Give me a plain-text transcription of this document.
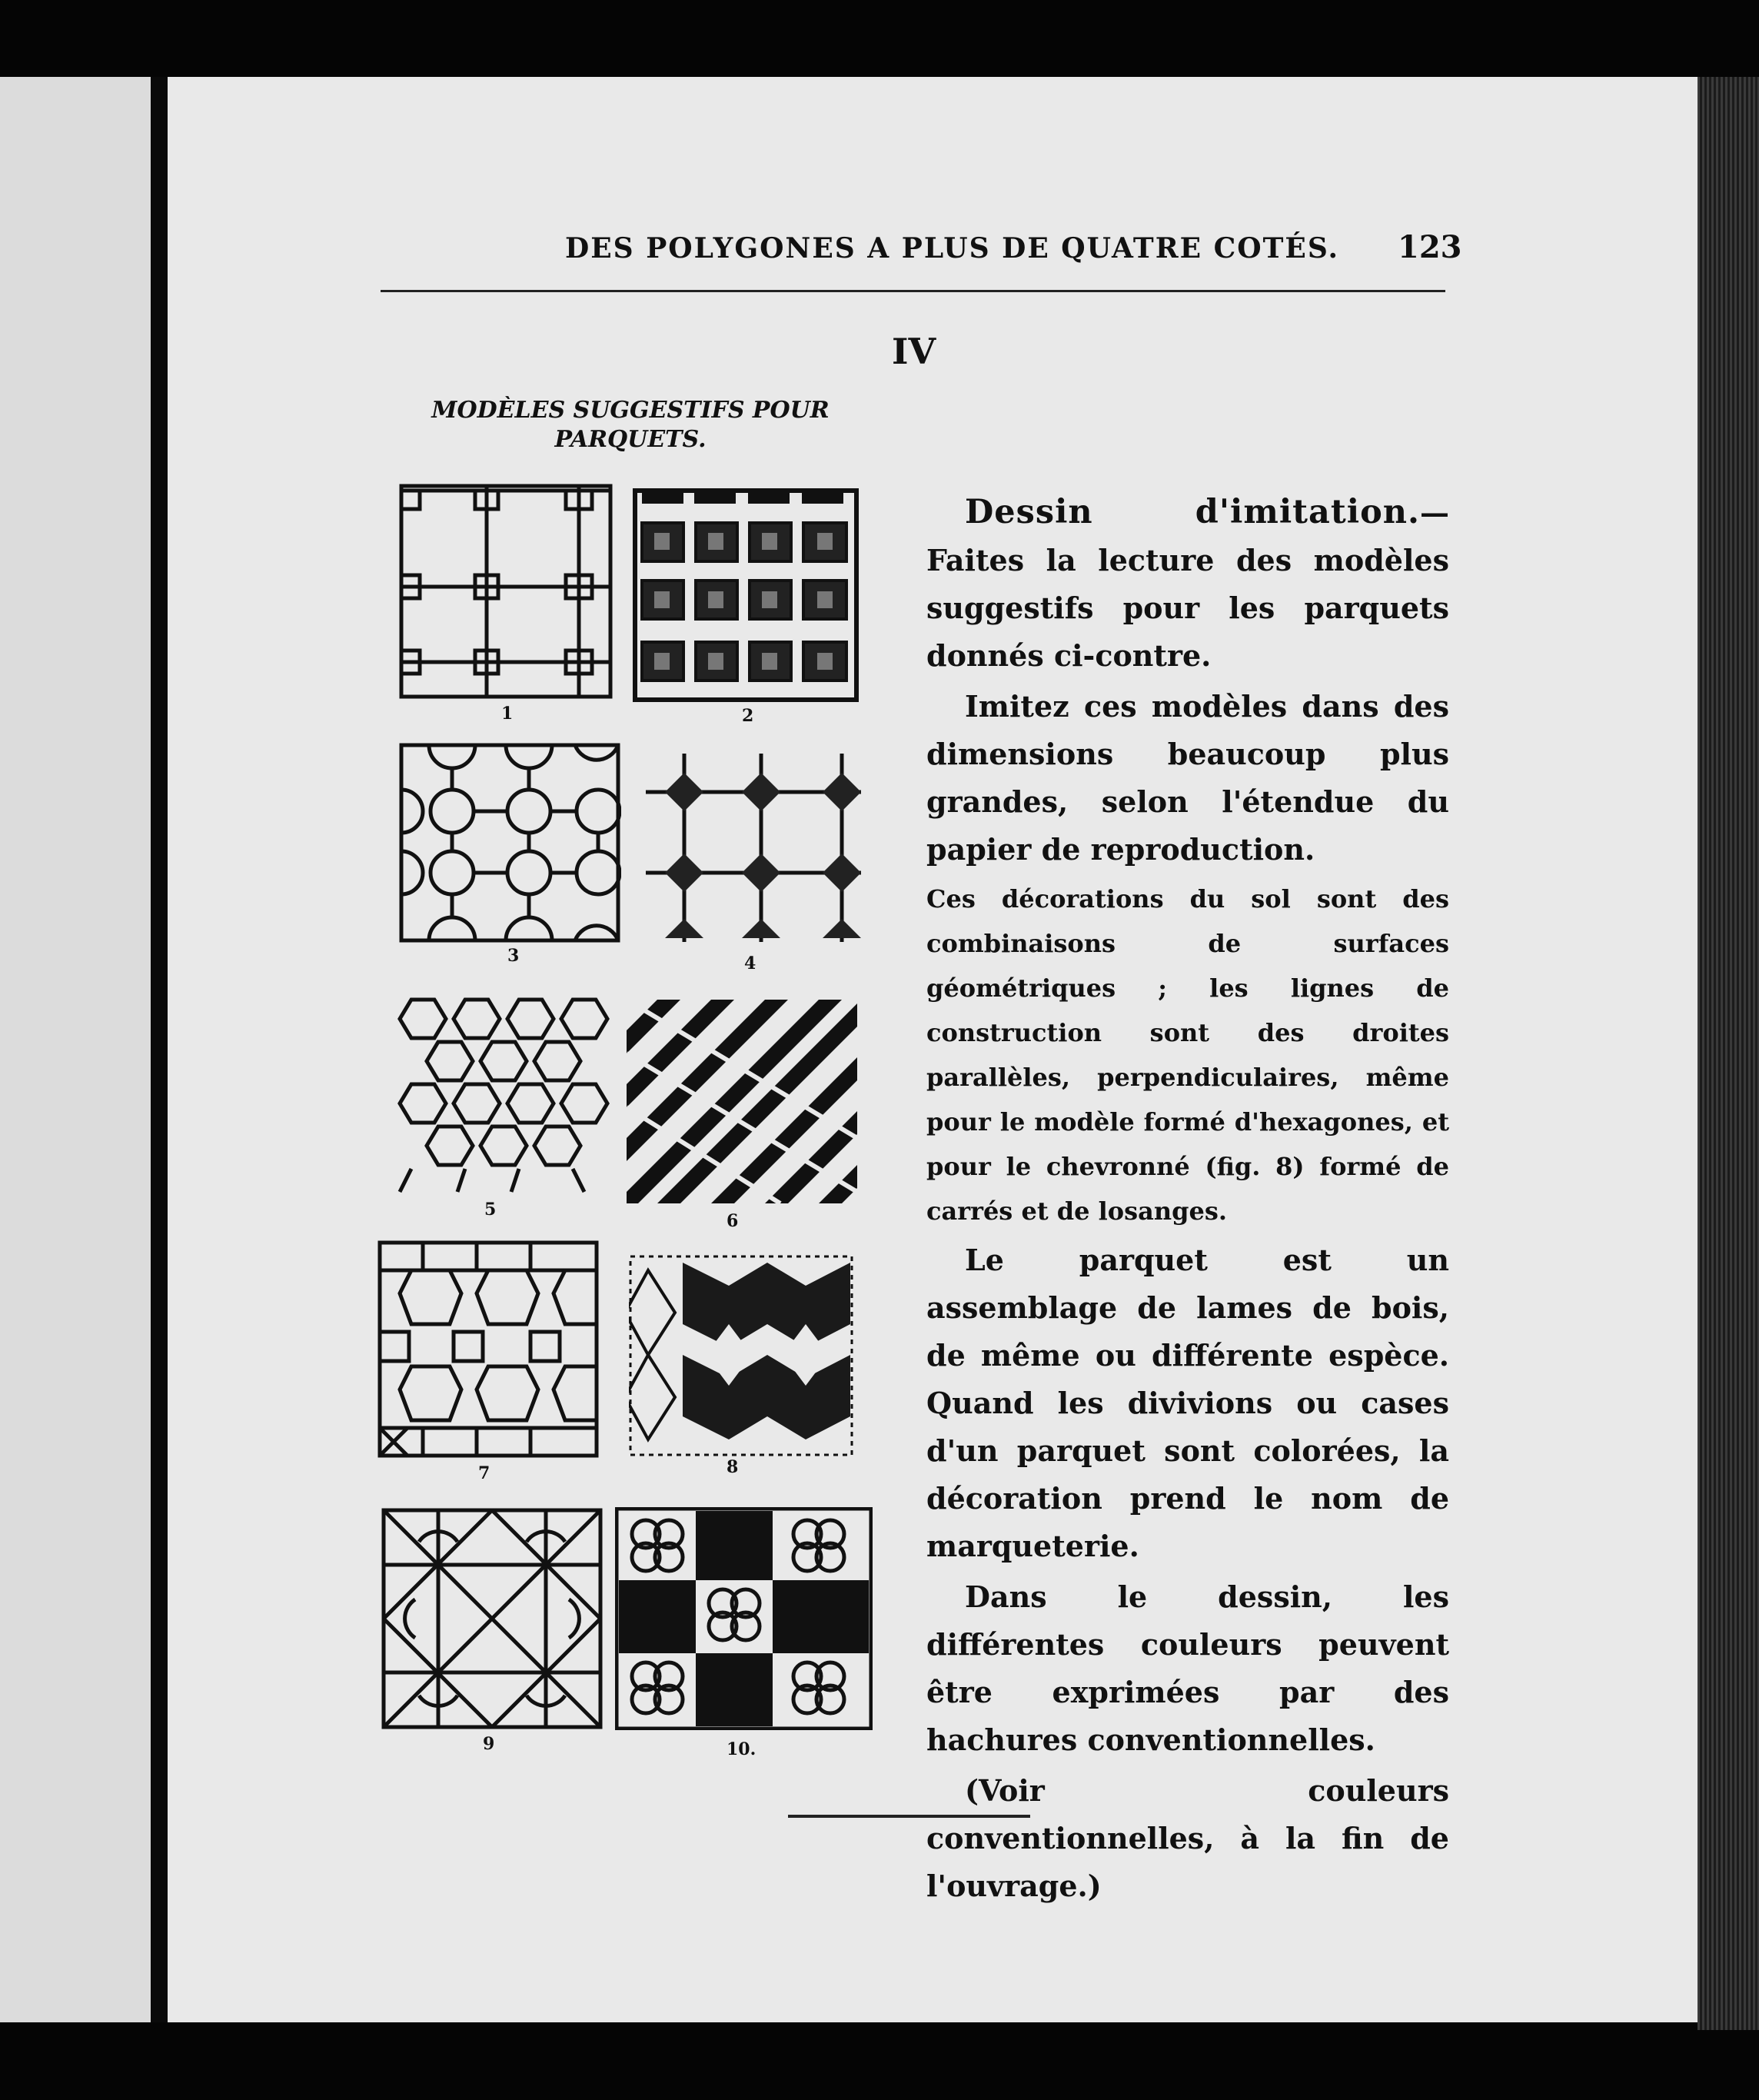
DES POLYGONES A PLUS DE QUATRE COTÉS. 123
IV
MODÈLES SUGGESTIFS POUR PARQUETS.
1	2
3	4
5
6
7	8
9	10.

Dessin d'imitation.— Faites la lecture des modèles suggestifs pour les parquets donnés ci-contre.

Imitez ces modèles dans des dimensions beaucoup plus grandes, selon l'étendue du papier de reproduction.

Ces décorations du sol sont des combinaisons de surfaces géométriques ; les lignes de construction sont des droites parallèles, perpendiculaires, même pour le modèle formé d'hexagones, et pour le chevronné (fig. 8) formé de carrés et de losanges.

Le parquet est un assemblage de lames de bois, de même ou différente espèce. Quand les divivions ou cases d'un parquet sont colorées, la décoration prend le nom de marqueterie.

Dans le dessin, les différentes couleurs peuvent être exprimées par des hachures conventionnelles.

(Voir couleurs conventionnelles, à la fin de l'ouvrage.)
